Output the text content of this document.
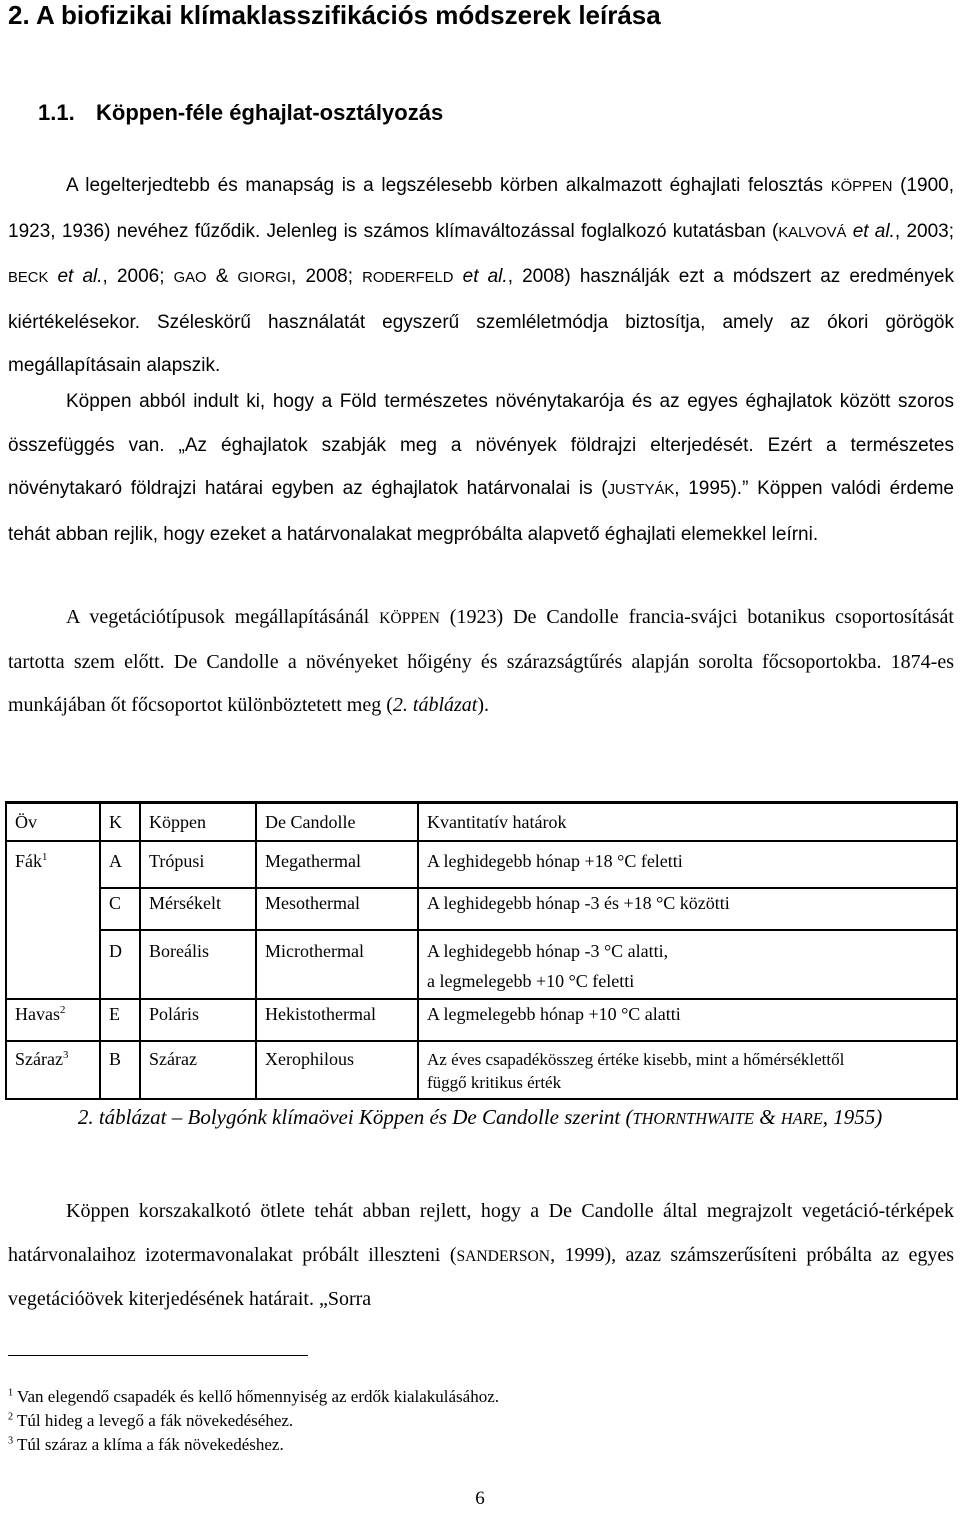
2. A biofizikai klímaklasszifikációs módszerek leírása
1.1. Köppen-féle éghajlat-osztályozás

A legelterjedtebb és manapság is a legszélesebb körben alkalmazott éghajlati felosztás KÖPPEN (1900, 1923, 1936) nevéhez fűződik. Jelenleg is számos klímaváltozással foglalkozó kutatásban (KALVOVÁ et al., 2003; BECK et al., 2006; GAO & GIORGI, 2008; RODERFELD et al., 2008) használják ezt a módszert az eredmények kiértékelésekor. Széleskörű használatát egyszerű szemléletmódja biztosítja, amely az ókori görögök megállapításain alapszik.

Köppen abból indult ki, hogy a Föld természetes növénytakarója és az egyes éghajlatok között szoros összefüggés van. „Az éghajlatok szabják meg a növények földrajzi elterjedését. Ezért a természetes növénytakaró földrajzi határai egyben az éghajlatok határvonalai is (JUSTYÁK, 1995).” Köppen valódi érdeme tehát abban rejlik, hogy ezeket a határvonalakat megpróbálta alapvető éghajlati elemekkel leírni.

A vegetációtípusok megállapításánál KÖPPEN (1923) De Candolle francia-svájci botanikus csoportosítását tartotta szem előtt. De Candolle a növényeket hőigény és szárazságtűrés alapján sorolta főcsoportokba. 1874-es munkájában őt főcsoportot különböztetett meg (2. táblázat).

Öv	K	Köppen	De Candolle	Kvantitatív határok
Fák$^1$	A	Trópusi	Megathermal	A leghidegebb hónap +18 °C feletti
	C	Mérsékelt	Mesothermal	A leghidegebb hónap -3 és +18 °C közötti
	D	Boreális	Microthermal	A leghidegebb hónap -3 °C alatti,
a legmelegebb +10 °C feletti
Havas$^2$	E	Poláris	Hekistothermal	A legmelegebb hónap +10 °C alatti
Száraz$^3$	B	Száraz	Xerophilous	Az éves csapadékösszeg értéke kisebb, mint a hőmérséklettől
függő kritikus érték
2. táblázat – Bolygónk klímaövei Köppen és De Candolle szerint (THORNTHWAITE & HARE, 1955)

Köppen korszakalkotó ötlete tehát abban rejlett, hogy a De Candolle által megrajzolt vegetáció-térképek határvonalaihoz izotermavonalakat próbált illeszteni (SANDERSON, 1999), azaz számszerűsíteni próbálta az egyes vegetációövek kiterjedésének határait. „Sorra

$^1$ Van elegendő csapadék és kellő hőmennyiség az erdők kialakulásához.
$^2$ Túl hideg a levegő a fák növekedéséhez.
$^3$ Túl száraz a klíma a fák növekedéshez.
6
